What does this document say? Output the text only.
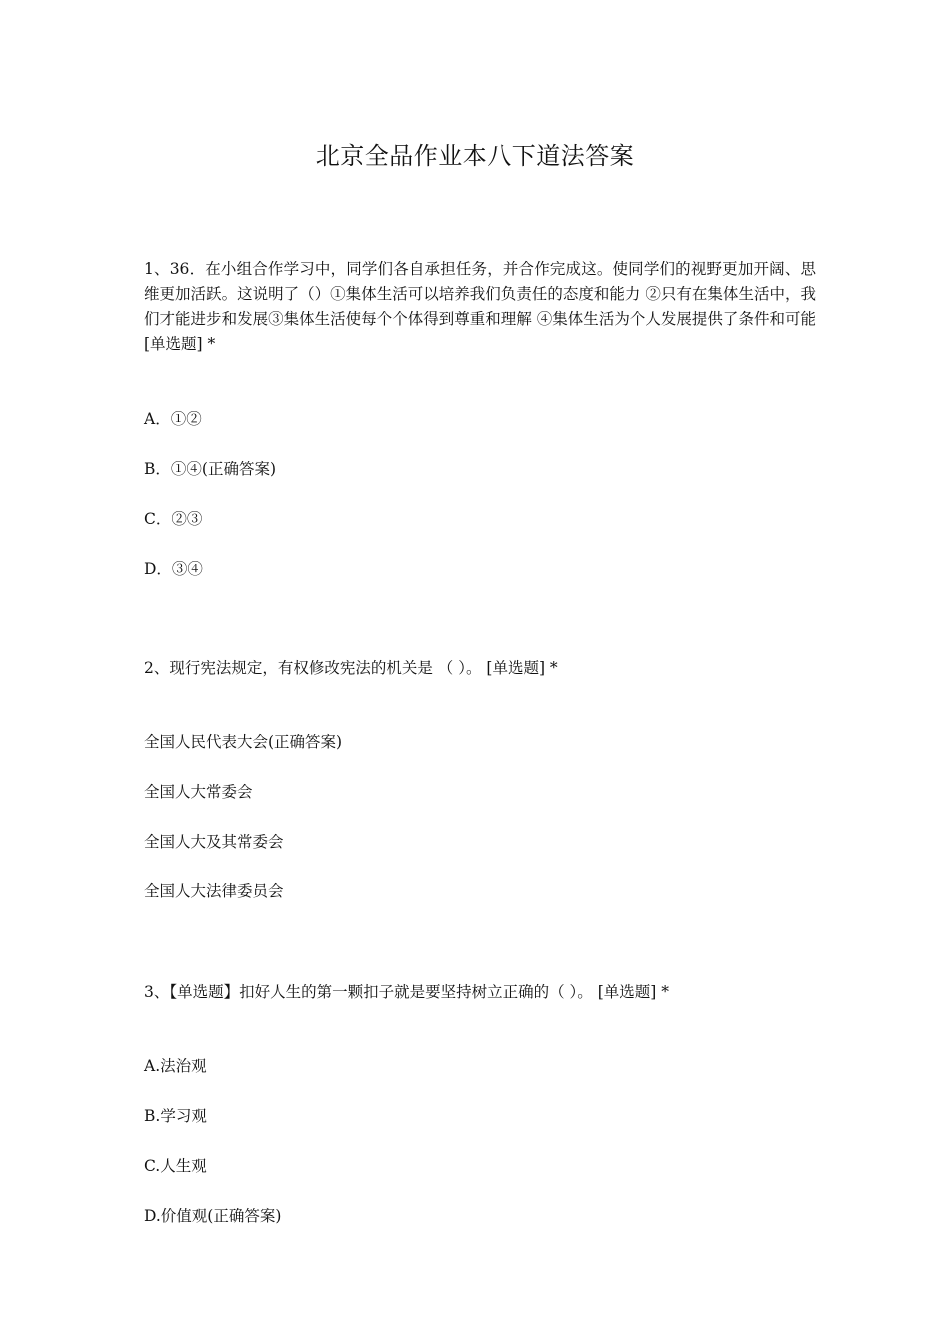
北京全品作业本八下道法答案
1、36．在小组合作学习中，同学们各自承担任务，并合作完成这。使同学们的视野更加开阔、思维更加活跃。这说明了（）①集体生活可以培养我们负责任的态度和能力 ②只有在集体生活中，我们才能进步和发展③集体生活使每个个体得到尊重和理解 ④集体生活为个人发展提供了条件和可能 [单选题] *
A．①②
B．①④(正确答案)
C．②③
D．③④
2、现行宪法规定，有权修改宪法的机关是 （ ）。 [单选题] *
全国人民代表大会(正确答案)
全国人大常委会
全国人大及其常委会
全国人大法律委员会
3、【单选题】扣好人生的第一颗扣子就是要坚持树立正确的（ ）。 [单选题] *
A.法治观
B.学习观
C.人生观
D.价值观(正确答案)
